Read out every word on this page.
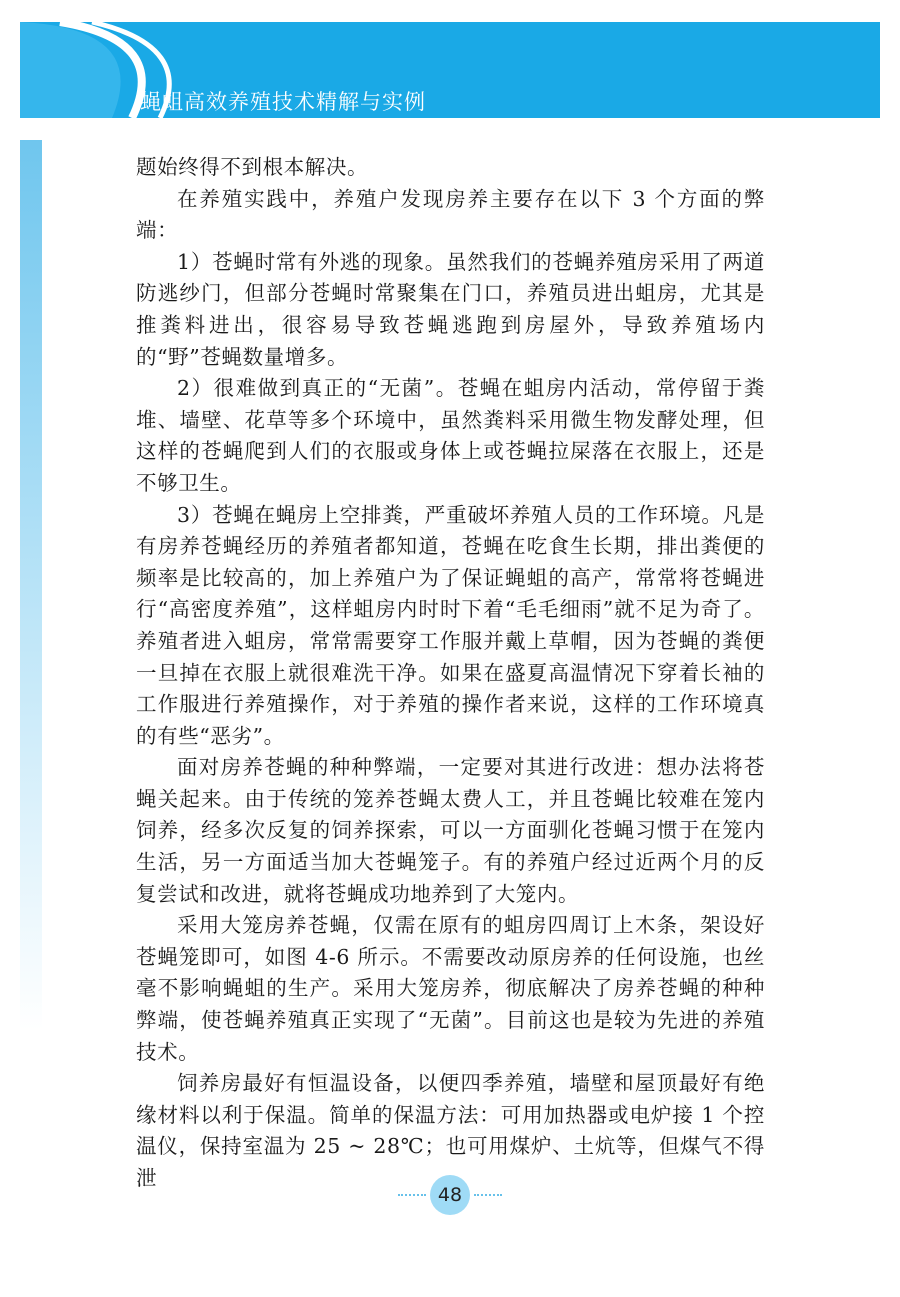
蝇蛆高效养殖技术精解与实例

题始终得不到根本解决。

在养殖实践中，养殖户发现房养主要存在以下 3 个方面的弊端：

1）苍蝇时常有外逃的现象。虽然我们的苍蝇养殖房采用了两道防逃纱门，但部分苍蝇时常聚集在门口，养殖员进出蛆房，尤其是推粪料进出，很容易导致苍蝇逃跑到房屋外，导致养殖场内的“野”苍蝇数量增多。

2）很难做到真正的“无菌”。苍蝇在蛆房内活动，常停留于粪堆、墙壁、花草等多个环境中，虽然粪料采用微生物发酵处理，但这样的苍蝇爬到人们的衣服或身体上或苍蝇拉屎落在衣服上，还是不够卫生。

3）苍蝇在蝇房上空排粪，严重破坏养殖人员的工作环境。凡是有房养苍蝇经历的养殖者都知道，苍蝇在吃食生长期，排出粪便的频率是比较高的，加上养殖户为了保证蝇蛆的高产，常常将苍蝇进行“高密度养殖”，这样蛆房内时时下着“毛毛细雨”就不足为奇了。养殖者进入蛆房，常常需要穿工作服并戴上草帽，因为苍蝇的粪便一旦掉在衣服上就很难洗干净。如果在盛夏高温情况下穿着长袖的工作服进行养殖操作，对于养殖的操作者来说，这样的工作环境真的有些“恶劣”。

面对房养苍蝇的种种弊端，一定要对其进行改进：想办法将苍蝇关起来。由于传统的笼养苍蝇太费人工，并且苍蝇比较难在笼内饲养，经多次反复的饲养探索，可以一方面驯化苍蝇习惯于在笼内生活，另一方面适当加大苍蝇笼子。有的养殖户经过近两个月的反复尝试和改进，就将苍蝇成功地养到了大笼内。

采用大笼房养苍蝇，仅需在原有的蛆房四周订上木条，架设好苍蝇笼即可，如图 4-6 所示。不需要改动原房养的任何设施，也丝毫不影响蝇蛆的生产。采用大笼房养，彻底解决了房养苍蝇的种种弊端，使苍蝇养殖真正实现了“无菌”。目前这也是较为先进的养殖技术。

饲养房最好有恒温设备，以便四季养殖，墙壁和屋顶最好有绝缘材料以利于保温。简单的保温方法：可用加热器或电炉接 1 个控温仪，保持室温为 25 ~ 28℃；也可用煤炉、土炕等，但煤气不得泄

48
